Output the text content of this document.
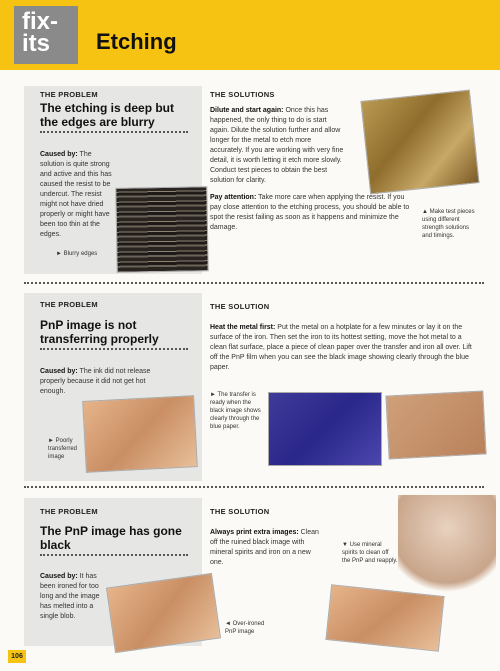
fix-
its	Etching
THE PROBLEM
The etching is deep but the edges are blurry
Caused by: The solution is quite strong and active and this has caused the resist to be undercut. The resist might not have dried properly or might have been too thin at the edges.
► Blurry edges
THE SOLUTIONS
Dilute and start again: Once this has happened, the only thing to do is start again. Dilute the solution further and allow longer for the metal to etch more accurately. If you are working with very fine detail, it is worth letting it etch more slowly. Conduct test pieces to obtain the best solution for clarity.
Pay attention: Take more care when applying the resist. If you pay close attention to the etching process, you should be able to spot the resist failing as soon as it happens and minimize the damage.
▲ Make test pieces using different strength solutions and timings.
THE PROBLEM
PnP image is not transferring properly
Caused by: The ink did not release properly because it did not get hot enough.
► Poorly transferred image
THE SOLUTION
Heat the metal first: Put the metal on a hotplate for a few minutes or lay it on the surface of the iron. Then set the iron to its hottest setting, move the hot metal to a clean flat surface, place a piece of clean paper over the transfer and iron all over. Lift off the PnP film when you can see the black image showing clearly through the blue paper.
► The transfer is ready when the black image shows clearly through the blue paper.
THE PROBLEM
The PnP image has gone black
Caused by: It has been ironed for too long and the image has melted into a single blob.
◄ Over-ironed PnP image
THE SOLUTION
Always print extra images: Clean off the ruined black image with mineral spirits and iron on a new one.
▼ Use mineral spirits to clean off the PnP and reapply.
106
